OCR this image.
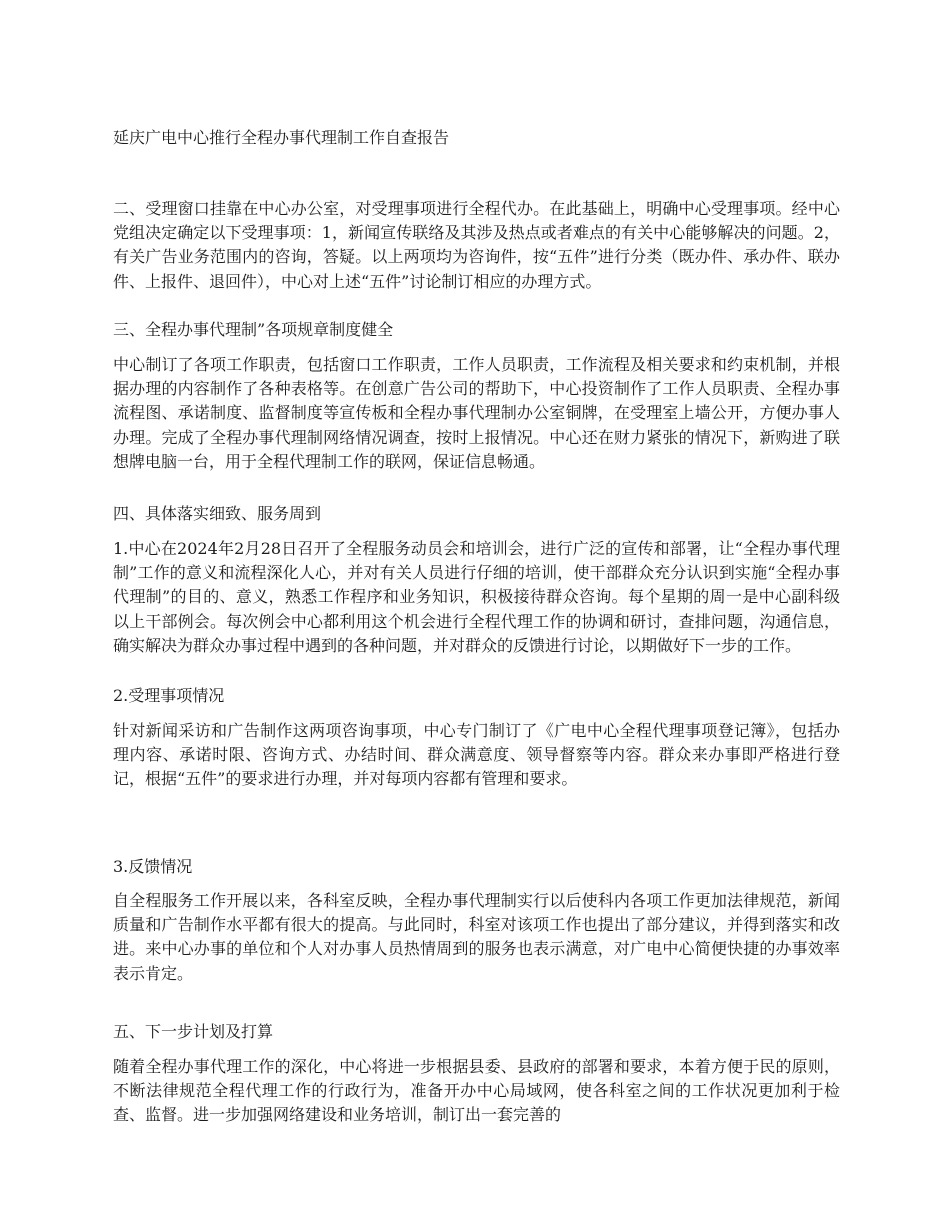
延庆广电中心推行全程办事代理制工作自查报告
二、受理窗口挂靠在中心办公室，对受理事项进行全程代办。在此基础上，明确中心受理事项。经中心党组决定确定以下受理事项：1，新闻宣传联络及其涉及热点或者难点的有关中心能够解决的问题。2，有关广告业务范围内的咨询，答疑。以上两项均为咨询件，按“五件”进行分类（既办件、承办件、联办件、上报件、退回件），中心对上述“五件”讨论制订相应的办理方式。
三、全程办事代理制”各项规章制度健全
中心制订了各项工作职责，包括窗口工作职责，工作人员职责，工作流程及相关要求和约束机制，并根据办理的内容制作了各种表格等。在创意广告公司的帮助下，中心投资制作了工作人员职责、全程办事流程图、承诺制度、监督制度等宣传板和全程办事代理制办公室铜牌，在受理室上墙公开，方便办事人办理。完成了全程办事代理制网络情况调查，按时上报情况。中心还在财力紧张的情况下，新购进了联想牌电脑一台，用于全程代理制工作的联网，保证信息畅通。
四、具体落实细致、服务周到
1.中心在2024年2月28日召开了全程服务动员会和培训会，进行广泛的宣传和部署，让“全程办事代理制”工作的意义和流程深化人心，并对有关人员进行仔细的培训，使干部群众充分认识到实施“全程办事代理制”的目的、意义，熟悉工作程序和业务知识，积极接待群众咨询。每个星期的周一是中心副科级以上干部例会。每次例会中心都利用这个机会进行全程代理工作的协调和研讨，查排问题，沟通信息，确实解决为群众办事过程中遇到的各种问题，并对群众的反馈进行讨论，以期做好下一步的工作。
2.受理事项情况
针对新闻采访和广告制作这两项咨询事项，中心专门制订了《广电中心全程代理事项登记簿》，包括办理内容、承诺时限、咨询方式、办结时间、群众满意度、领导督察等内容。群众来办事即严格进行登记，根据“五件”的要求进行办理，并对每项内容都有管理和要求。
3.反馈情况
自全程服务工作开展以来，各科室反映，全程办事代理制实行以后使科内各项工作更加法律规范，新闻质量和广告制作水平都有很大的提高。与此同时，科室对该项工作也提出了部分建议，并得到落实和改进。来中心办事的单位和个人对办事人员热情周到的服务也表示满意，对广电中心简便快捷的办事效率表示肯定。
五、下一步计划及打算
随着全程办事代理工作的深化，中心将进一步根据县委、县政府的部署和要求，本着方便于民的原则，不断法律规范全程代理工作的行政行为，准备开办中心局域网，使各科室之间的工作状况更加利于检查、监督。进一步加强网络建设和业务培训，制订出一套完善的
